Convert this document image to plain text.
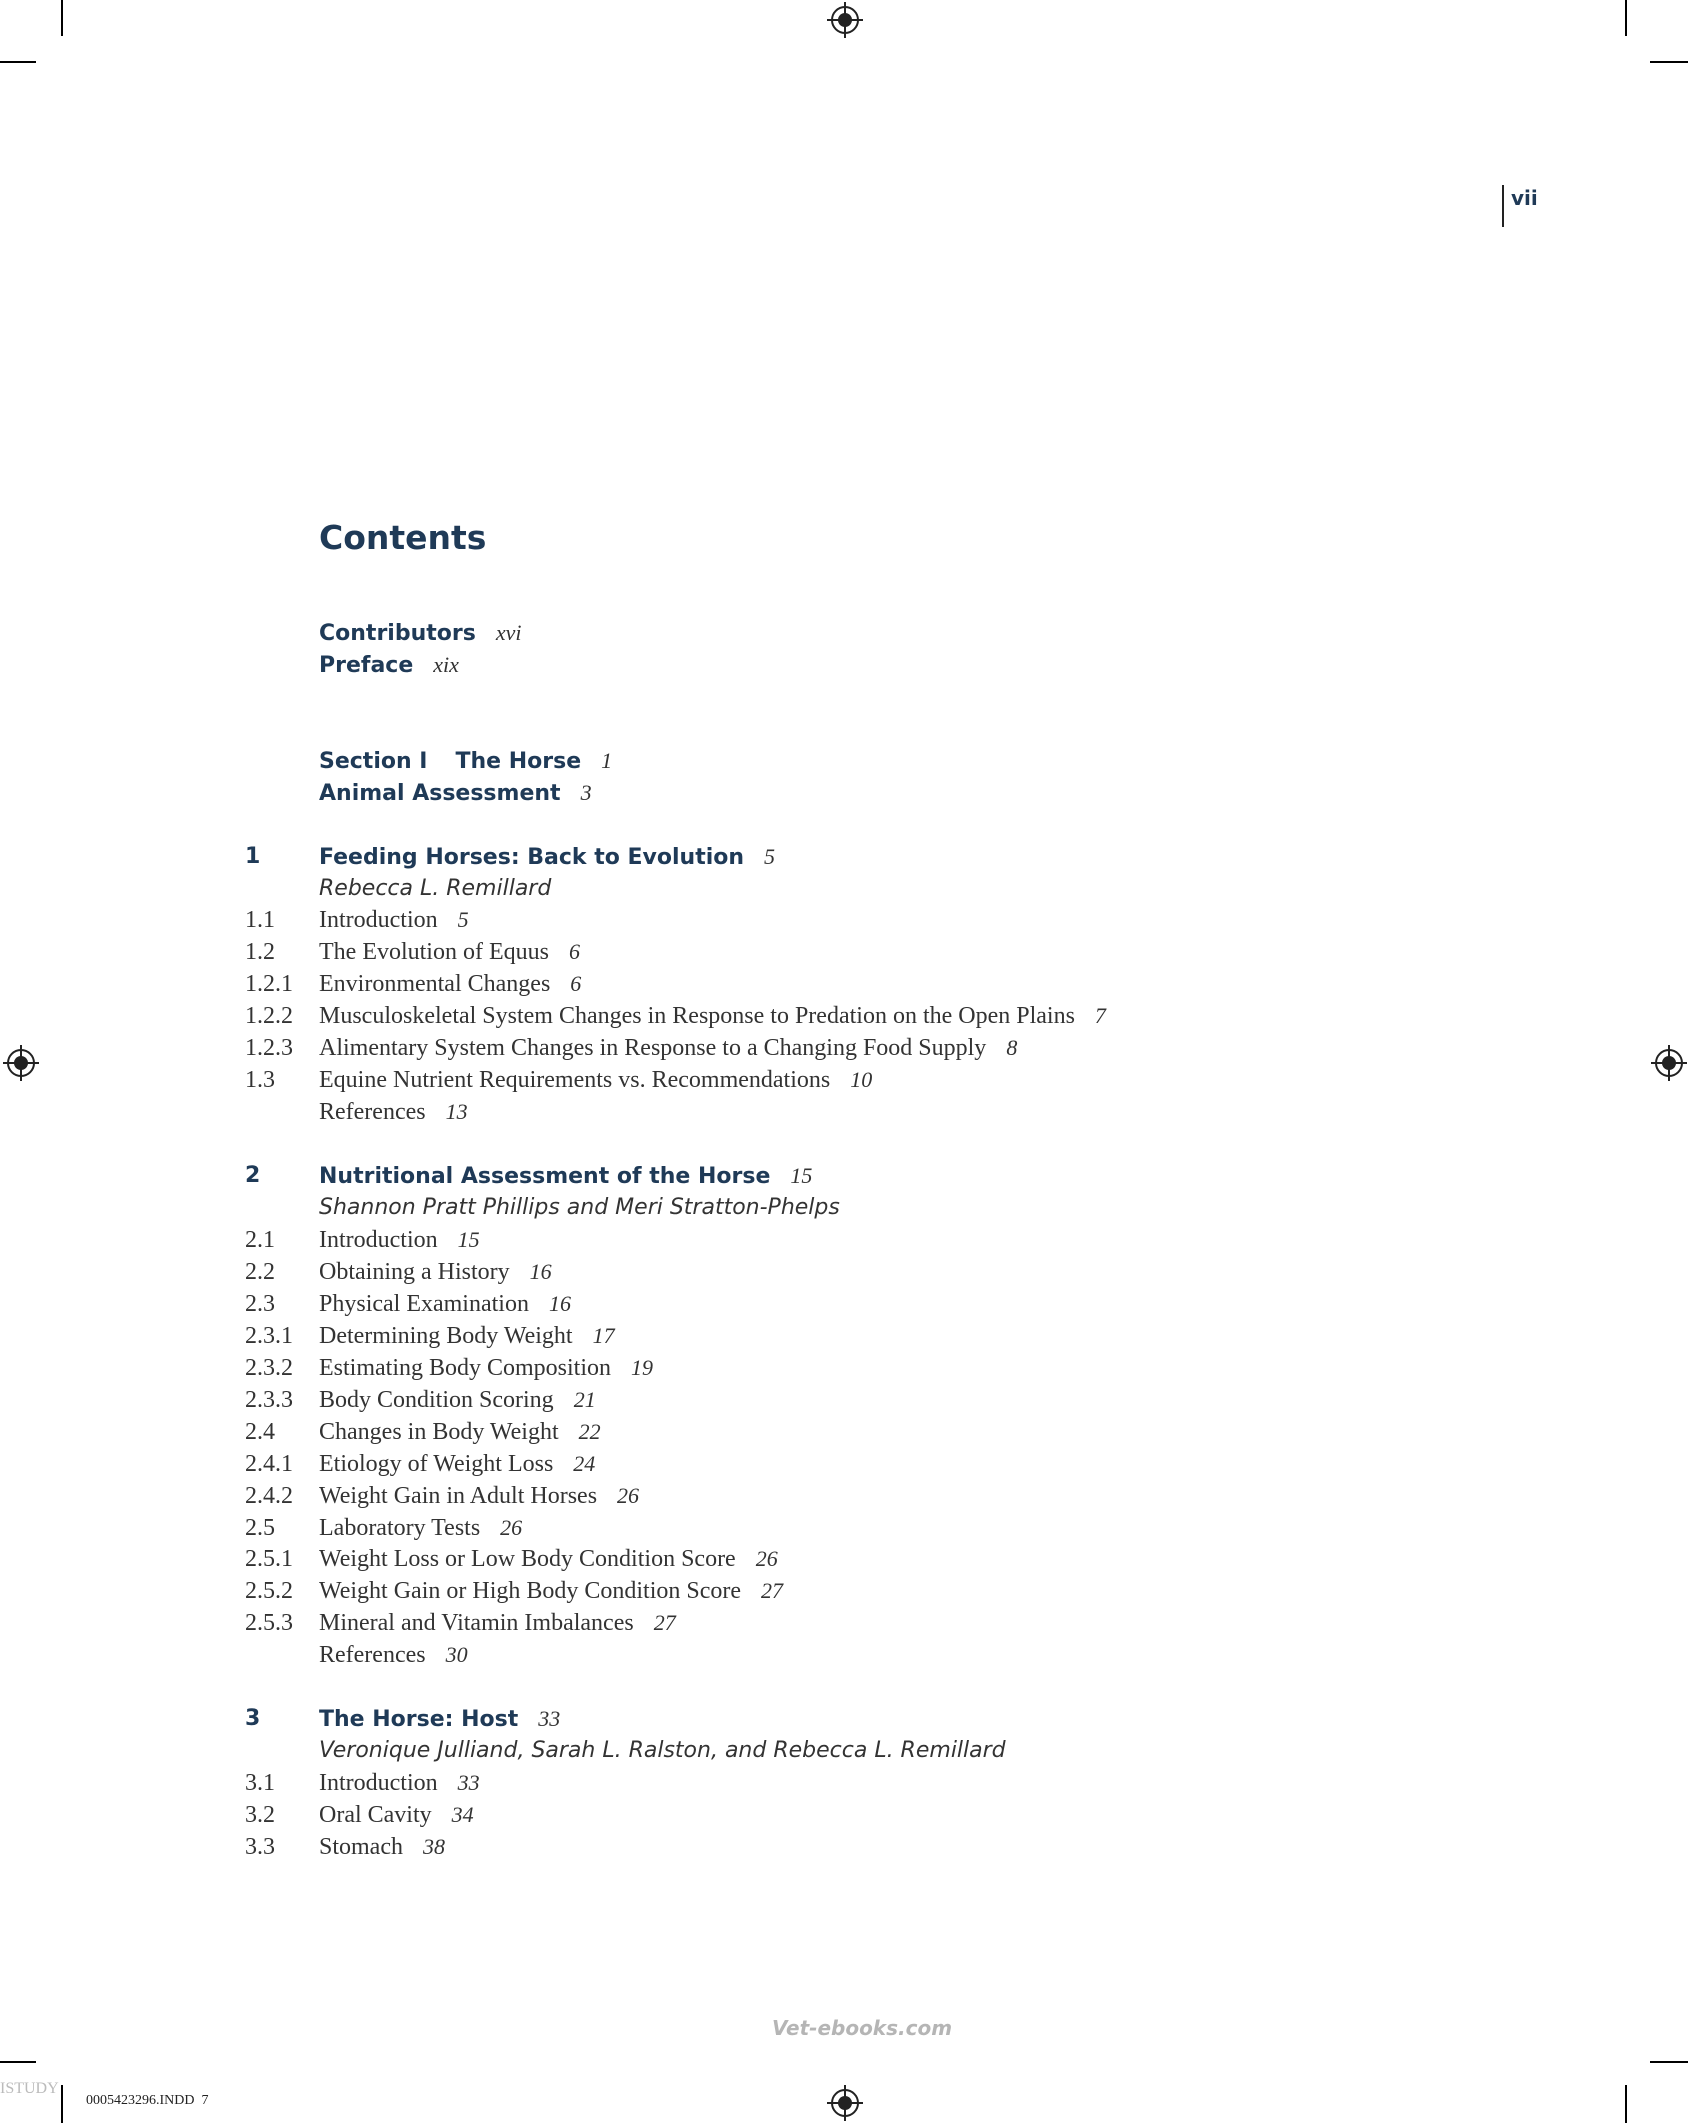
vii
Contents
Contributors xvi
Preface xix
Section I The Horse 1
Animal Assessment 3
1	Feeding Horses: Back to Evolution 5
Rebecca L. Remillard
1.1 Introduction 5
1.2 The Evolution of Equus 6
1.2.1 Environmental Changes 6
1.2.2 Musculoskeletal System Changes in Response to Predation on the Open Plains 7
1.2.3 Alimentary System Changes in Response to a Changing Food Supply 8
1.3 Equine Nutrient Requirements vs. Recommendations 10
References 13
2	Nutritional Assessment of the Horse 15
Shannon Pratt Phillips and Meri Stratton-Phelps
2.1 Introduction 15
2.2 Obtaining a History 16
2.3 Physical Examination 16
2.3.1 Determining Body Weight 17
2.3.2 Estimating Body Composition 19
2.3.3 Body Condition Scoring 21
2.4 Changes in Body Weight 22
2.4.1 Etiology of Weight Loss 24
2.4.2 Weight Gain in Adult Horses 26
2.5 Laboratory Tests 26
2.5.1 Weight Loss or Low Body Condition Score 26
2.5.2 Weight Gain or High Body Condition Score 27
2.5.3 Mineral and Vitamin Imbalances 27
References 30
3	The Horse: Host 33
Veronique Julliand, Sarah L. Ralston, and Rebecca L. Remillard
3.1 Introduction 33
3.2 Oral Cavity 34
3.3 Stomach 38
Vet-ebooks.com
0005423296.INDD  7
ISTUDY
